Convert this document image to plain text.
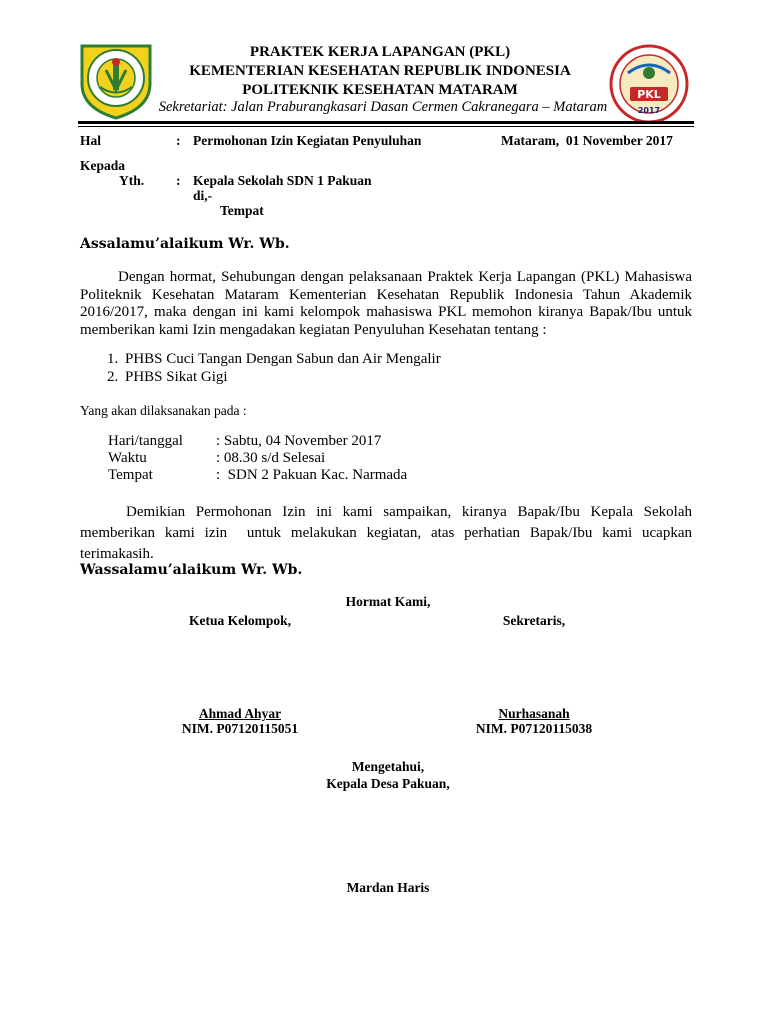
PRAKTEK KERJA LAPANGAN (PKL)
KEMENTERIAN KESEHATAN REPUBLIK INDONESIA
POLITEKNIK KESEHATAN MATARAM
Sekretariat: Jalan Praburangkasari Dasan Cermen Cakranegara – Mataram
PKL
2017
Hal	: Permohonan Izin Kegiatan Penyuluhan	Mataram,  01 November 2017
Kepada
Yth. : Kepala Sekolah SDN 1 Pakuan
di,-
Tempat
Assalamu’alaikum Wr. Wb.

Dengan hormat, Sehubungan dengan pelaksanaan Praktek Kerja Lapangan (PKL) Mahasiswa Politeknik Kesehatan Mataram Kementerian Kesehatan Republik Indonesia Tahun Akademik 2016/2017, maka dengan ini kami kelompok mahasiswa PKL memohon kiranya Bapak/Ibu untuk memberikan kami Izin mengadakan kegiatan Penyuluhan Kesehatan tentang :

1. PHBS Cuci Tangan Dengan Sabun dan Air Mengalir
2. PHBS Sikat Gigi
Yang akan dilaksanakan pada :
Hari/tanggal : Sabtu, 04 November 2017
Waktu	: 08.30 s/d Selesai
Tempat	:  SDN 2 Pakuan Kac. Narmada

Demikian Permohonan Izin ini kami sampaikan, kiranya Bapak/Ibu Kepala Sekolah memberikan kami izin  untuk melakukan kegiatan, atas perhatian Bapak/Ibu kami ucapkan terimakasih.

Wassalamu’alaikum Wr. Wb.
Hormat Kami,
Ketua Kelompok,	Sekretaris,
Ahmad Ahyar
NIM. P07120115051
Nurhasanah
NIM. P07120115038
Mengetahui,
Kepala Desa Pakuan,
Mardan Haris
